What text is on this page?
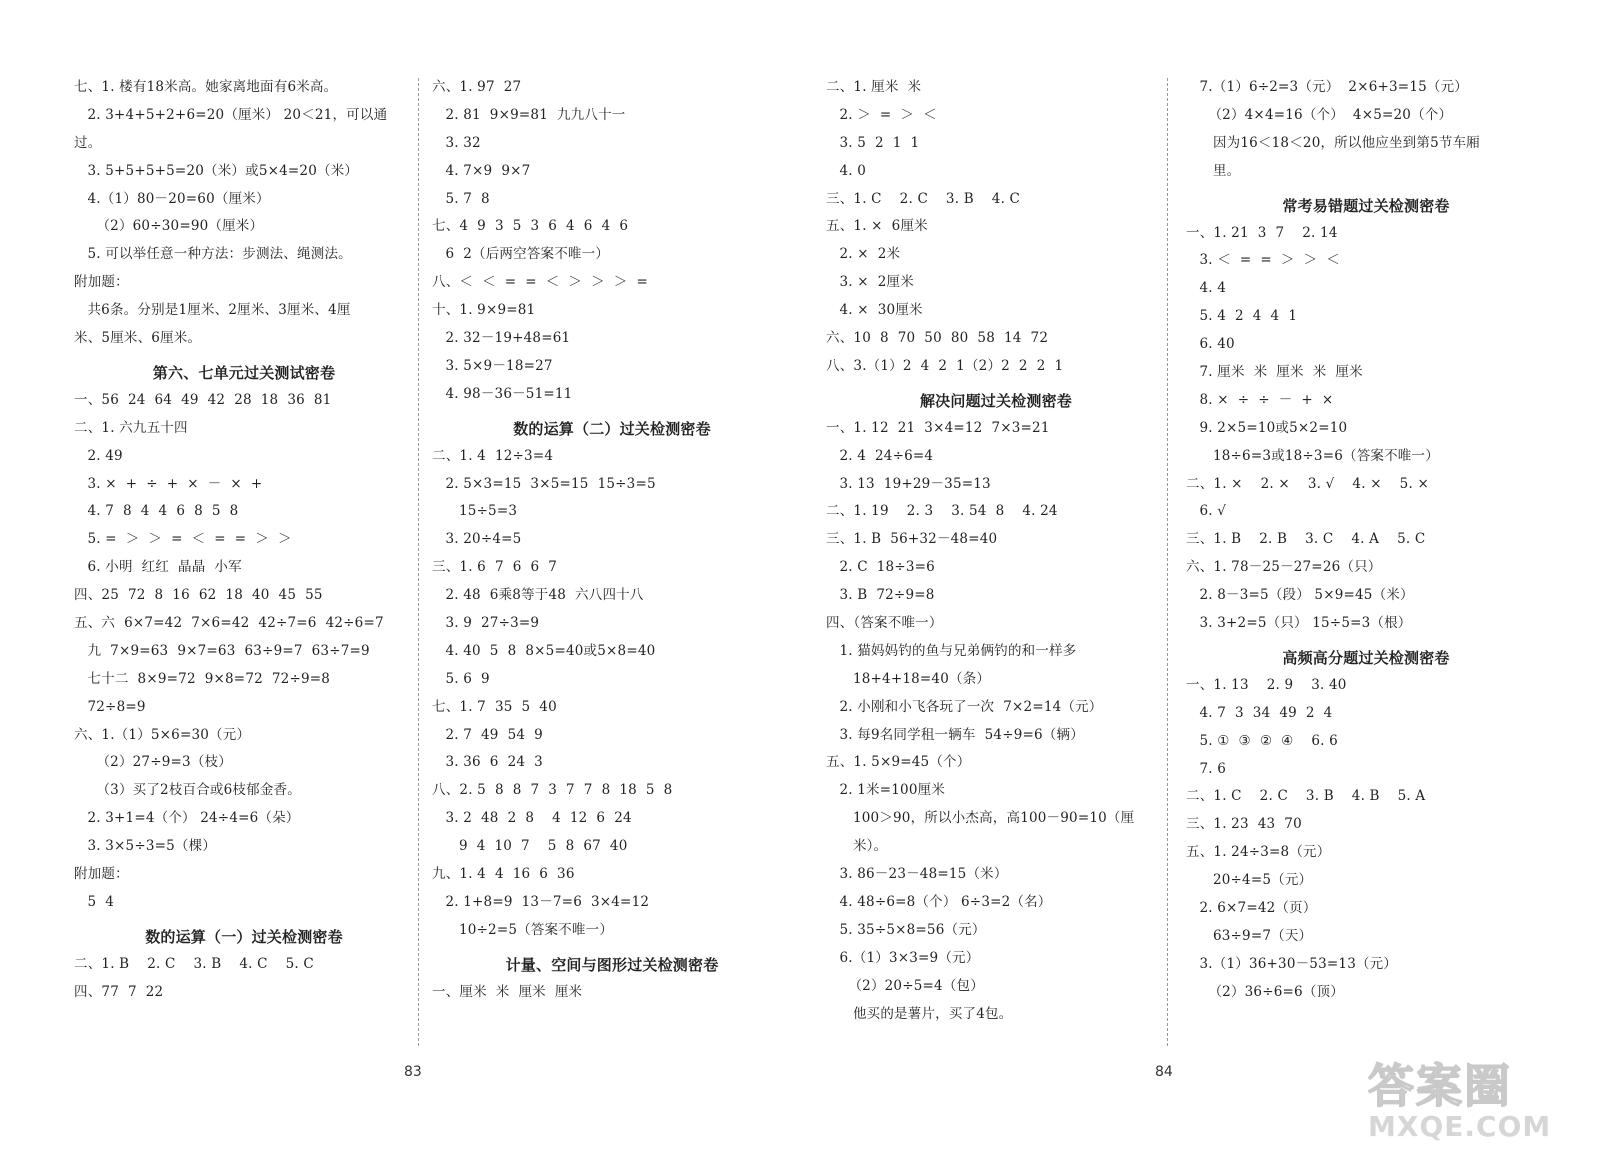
七、1. 楼有18米高。她家离地面有6米高。
2. 3+4+5+2+6=20（厘米） 20＜21，可以通
过。
3. 5+5+5+5=20（米）或5×4=20（米）
4.（1）80－20=60（厘米）
（2）60÷30=90（厘米）
5. 可以举任意一种方法：步测法、绳测法。
附加题：
共6条。分别是1厘米、2厘米、3厘米、4厘
米、5厘米、6厘米。
第六、七单元过关测试密卷
一、56  24  64  49  42  28  18  36  81
二、1. 六九五十四
2. 49
3. ×  +  ÷  +  ×  －  ×  +
4. 7  8  4  4  6  8  5  8
5. =  ＞  ＞  =  ＜  =  =  ＞  ＞
6. 小明  红红  晶晶  小军
四、25  72  8  16  62  18  40  45  55
五、六  6×7=42  7×6=42  42÷7=6  42÷6=7
九  7×9=63  9×7=63  63÷9=7  63÷7=9
七十二  8×9=72  9×8=72  72÷9=8
72÷8=9
六、1.（1）5×6=30（元）
（2）27÷9=3（枝）
（3）买了2枝百合或6枝郁金香。
2. 3+1=4（个） 24÷4=6（朵）
3. 3×5÷3=5（棵）
附加题：
5  4
数的运算（一）过关检测密卷
二、1. B    2. C    3. B    4. C    5. C
四、77  7  22
六、1. 97  27
2. 81  9×9=81  九九八十一
3. 32
4. 7×9  9×7
5. 7  8
七、4  9  3  5  3  6  4  6  4  6
6  2（后两空答案不唯一）
八、＜  ＜  =  =  ＜  ＞  ＞  ＞  =
十、1. 9×9=81
2. 32－19+48=61
3. 5×9－18=27
4. 98－36－51=11
数的运算（二）过关检测密卷
二、1. 4  12÷3=4
2. 5×3=15  3×5=15  15÷3=5
15÷5=3
3. 20÷4=5
三、1. 6  7  6  6  7
2. 48  6乘8等于48  六八四十八
3. 9  27÷3=9
4. 40  5  8  8×5=40或5×8=40
5. 6  9
七、1. 7  35  5  40
2. 7  49  54  9
3. 36  6  24  3
八、2. 5  8  8  7  3  7  7  8  18  5  8
3. 2  48  2  8    4  12  6  24
9  4  10  7    5  8  67  40
九、1. 4  4  16  6  36
2. 1+8=9  13－7=6  3×4=12
10÷2=5（答案不唯一）
计量、空间与图形过关检测密卷
一、厘米  米  厘米  厘米
二、1. 厘米  米
2. ＞  =  ＞  ＜
3. 5  2  1  1
4. 0
三、1. C    2. C    3. B    4. C
五、1. ×  6厘米
2. ×  2米
3. ×  2厘米
4. ×  30厘米
六、10  8  70  50  80  58  14  72
八、3.（1）2  4  2  1（2）2  2  2  1
解决问题过关检测密卷
一、1. 12  21  3×4=12  7×3=21
2. 4  24÷6=4
3. 13  19+29－35=13
二、1. 19    2. 3    3. 54  8    4. 24
三、1. B  56+32－48=40
2. C  18÷3=6
3. B  72÷9=8
四、（答案不唯一）
1. 猫妈妈钓的鱼与兄弟俩钓的和一样多
18+4+18=40（条）
2. 小刚和小飞各玩了一次  7×2=14（元）
3. 每9名同学租一辆车  54÷9=6（辆）
五、1. 5×9=45（个）
2. 1米=100厘米
100＞90，所以小杰高，高100－90=10（厘
米）。
3. 86－23－48=15（米）
4. 48÷6=8（个） 6÷3=2（名）
5. 35÷5×8=56（元）
6.（1）3×3=9（元）
（2）20÷5=4（包）
他买的是薯片，买了4包。
7.（1）6÷2=3（元）  2×6+3=15（元）
（2）4×4=16（个）  4×5=20（个）
因为16＜18＜20，所以他应坐到第5节车厢
里。
常考易错题过关检测密卷
一、1. 21  3  7    2. 14
3. ＜  =  =  ＞  ＞  ＜
4. 4
5. 4  2  4  4  1
6. 40
7. 厘米  米  厘米  米  厘米
8. ×  ÷  ÷  －  +  ×
9. 2×5=10或5×2=10
18÷6=3或18÷3=6（答案不唯一）
二、1. ×    2. ×    3. √    4. ×    5. ×
6. √
三、1. B    2. B    3. C    4. A    5. C
六、1. 78－25－27=26（只）
2. 8－3=5（段） 5×9=45（米）
3. 3+2=5（只） 15÷5=3（根）
高频高分题过关检测密卷
一、1. 13    2. 9    3. 40
4. 7  3  34  49  2  4
5. ①  ③  ②  ④    6. 6
7. 6
二、1. C    2. C    3. B    4. B    5. A
三、1. 23  43  70
五、1. 24÷3=8（元）
20÷4=5（元）
2. 6×7=42（页）
63÷9=7（天）
3.（1）36+30－53=13（元）
（2）36÷6=6（顶）
83	84	答案圈
MXQE.COM
